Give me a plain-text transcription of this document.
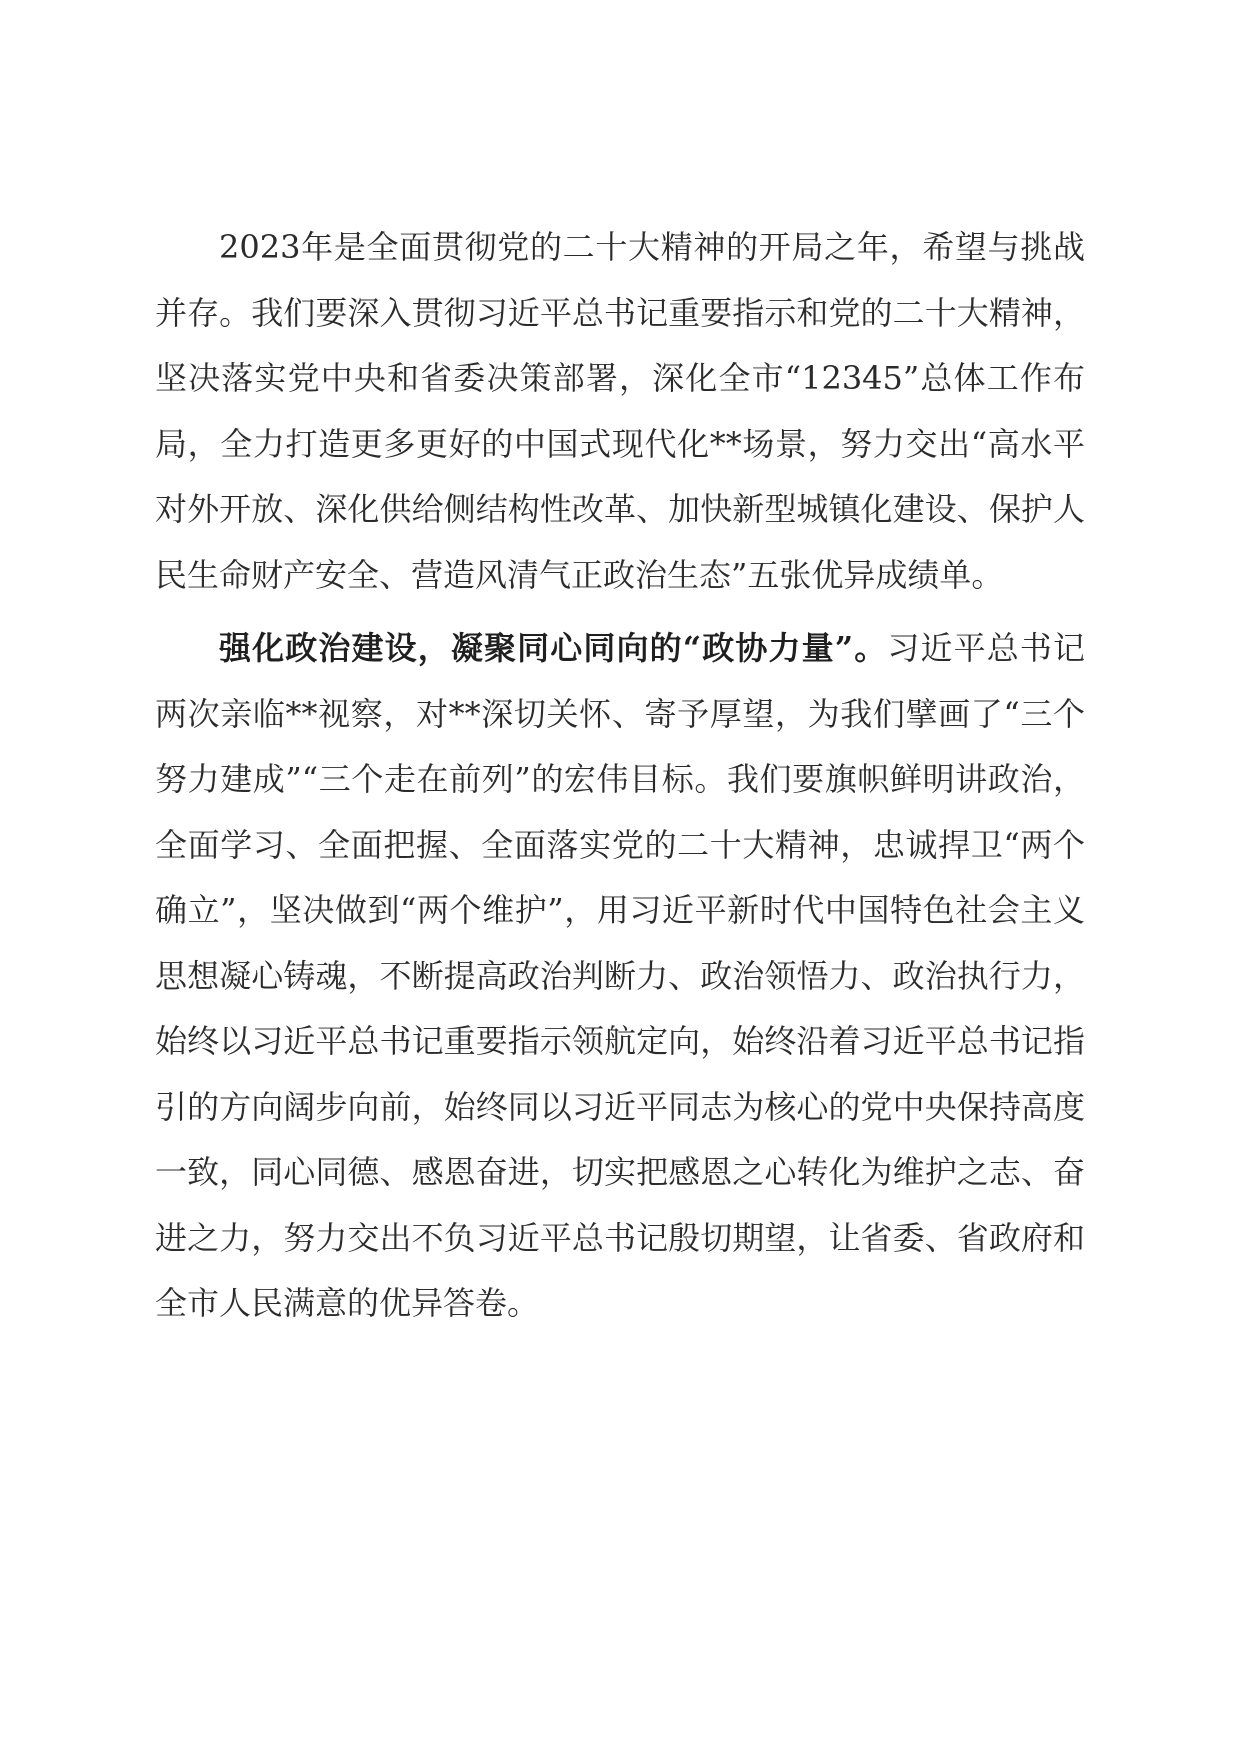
2023年是全面贯彻党的二十大精神的开局之年，希望与挑战并存。我们要深入贯彻习近平总书记重要指示和党的二十大精神，坚决落实党中央和省委决策部署，深化全市“12345”总体工作布局，全力打造更多更好的中国式现代化**场景，努力交出“高水平对外开放、深化供给侧结构性改革、加快新型城镇化建设、保护人民生命财产安全、营造风清气正政治生态”五张优异成绩单。

强化政治建设，凝聚同心同向的“政协力量”。习近平总书记两次亲临**视察，对**深切关怀、寄予厚望，为我们擘画了“三个努力建成”“三个走在前列”的宏伟目标。我们要旗帜鲜明讲政治，全面学习、全面把握、全面落实党的二十大精神，忠诚捍卫“两个确立”，坚决做到“两个维护”，用习近平新时代中国特色社会主义思想凝心铸魂，不断提高政治判断力、政治领悟力、政治执行力，始终以习近平总书记重要指示领航定向，始终沿着习近平总书记指引的方向阔步向前，始终同以习近平同志为核心的党中央保持高度一致，同心同德、感恩奋进，切实把感恩之心转化为维护之志、奋进之力，努力交出不负习近平总书记殷切期望，让省委、省政府和全市人民满意的优异答卷。
